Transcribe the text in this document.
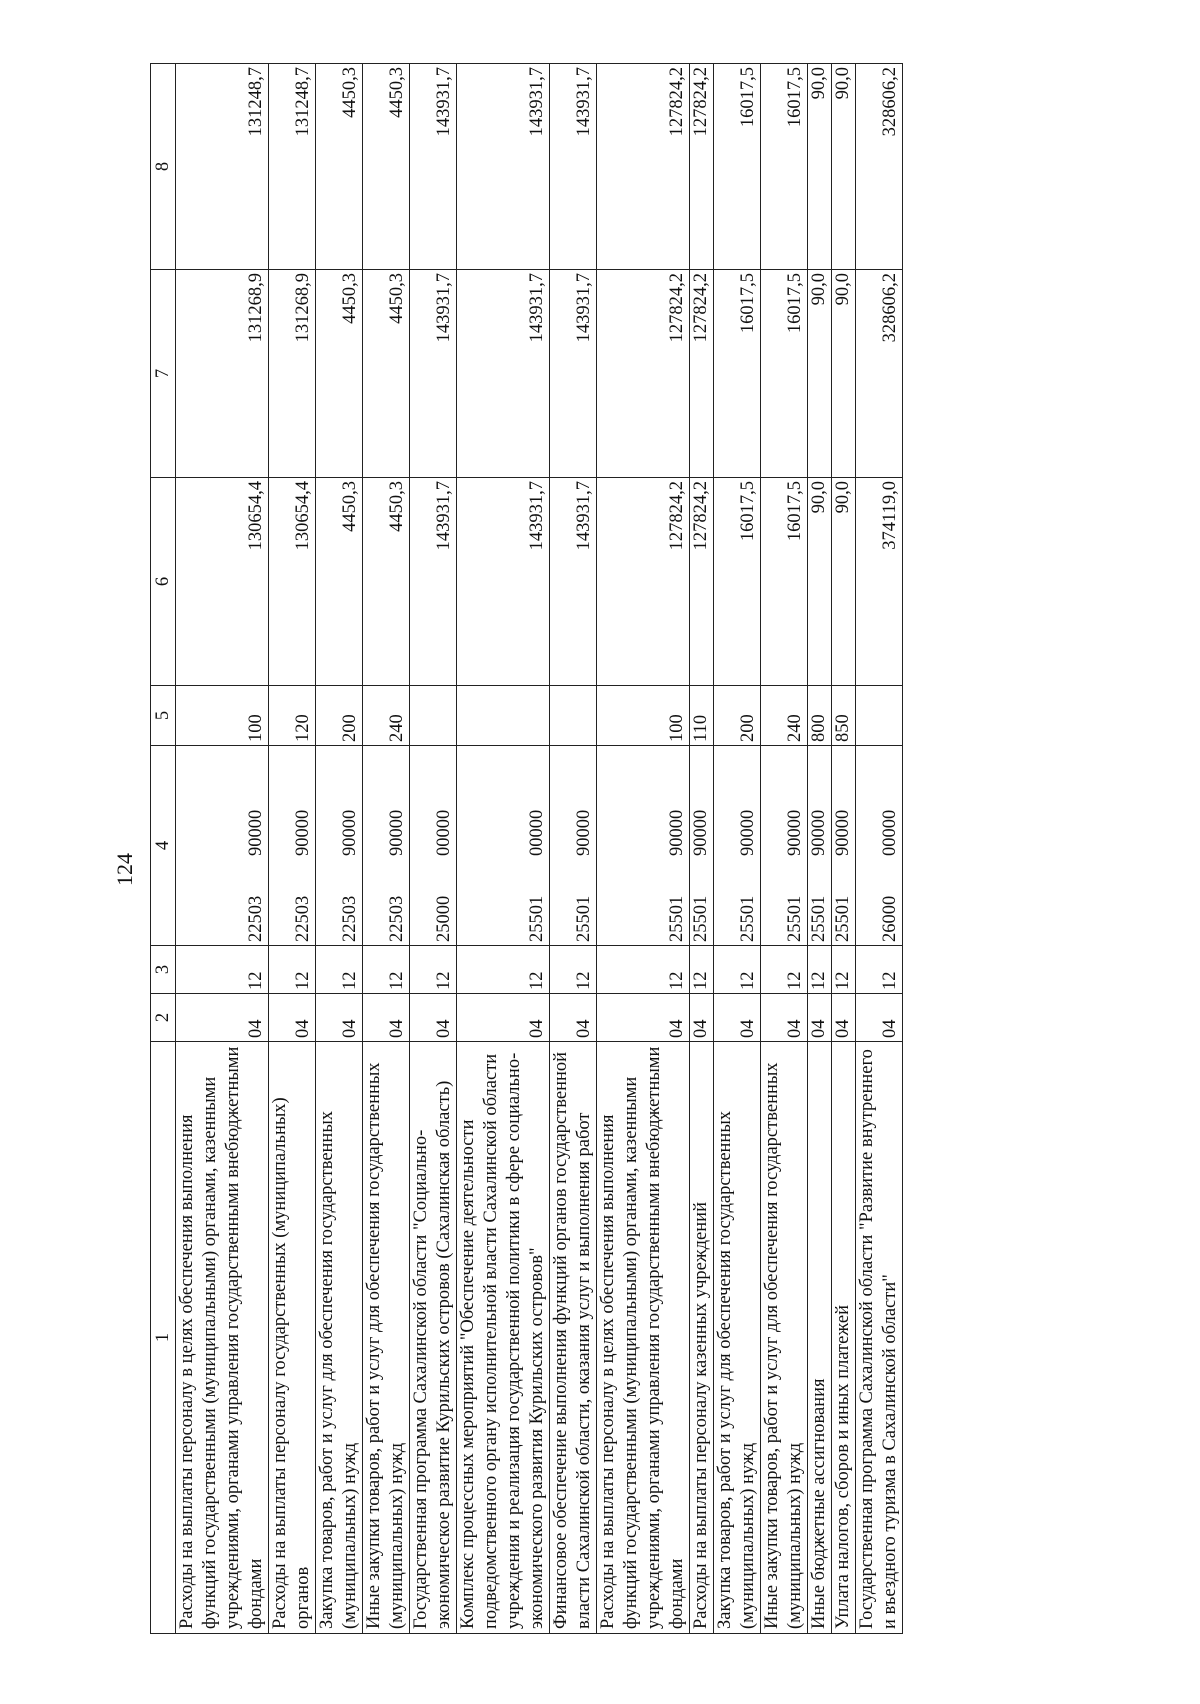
124
1	2	3	4	5	6	7	8
Расходы на выплаты персоналу в целях обеспечения выполнения функций государственными (муниципальными) органами, казенными учреждениями, органами управления государственными внебюджетными фондами	04	12	2250390000	100	130654,4	131268,9	131248,7
Расходы на выплаты персоналу государственных (муниципальных) органов	04	12	2250390000	120	130654,4	131268,9	131248,7
Закупка товаров, работ и услуг для обеспечения государственных (муниципальных) нужд	04	12	2250390000	200	4450,3	4450,3	4450,3
Иные закупки товаров, работ и услуг для обеспечения государственных (муниципальных) нужд	04	12	2250390000	240	4450,3	4450,3	4450,3
Государственная программа Сахалинской области "Социально-экономическое развитие Курильских островов (Сахалинская область)	04	12	2500000000		143931,7	143931,7	143931,7
Комплекс процессных мероприятий "Обеспечение деятельности подведомственного органу исполнительной власти Сахалинской области учреждения и реализация государственной политики в сфере социально-экономического развития Курильских островов"	04	12	2550100000		143931,7	143931,7	143931,7
Финансовое обеспечение выполнения функций органов государственной власти Сахалинской области, оказания услуг и выполнения работ	04	12	2550190000		143931,7	143931,7	143931,7
Расходы на выплаты персоналу в целях обеспечения выполнения функций государственными (муниципальными) органами, казенными учреждениями, органами управления государственными внебюджетными фондами	04	12	2550190000	100	127824,2	127824,2	127824,2
Расходы на выплаты персоналу казенных учреждений	04	12	2550190000	110	127824,2	127824,2	127824,2
Закупка товаров, работ и услуг для обеспечения государственных (муниципальных) нужд	04	12	2550190000	200	16017,5	16017,5	16017,5
Иные закупки товаров, работ и услуг для обеспечения государственных (муниципальных) нужд	04	12	2550190000	240	16017,5	16017,5	16017,5
Иные бюджетные ассигнования	04	12	2550190000	800	90,0	90,0	90,0
Уплата налогов, сборов и иных платежей	04	12	2550190000	850	90,0	90,0	90,0
Государственная программа Сахалинской области "Развитие внутреннего и въездного туризма в Сахалинской области"	04	12	2600000000		374119,0	328606,2	328606,2
